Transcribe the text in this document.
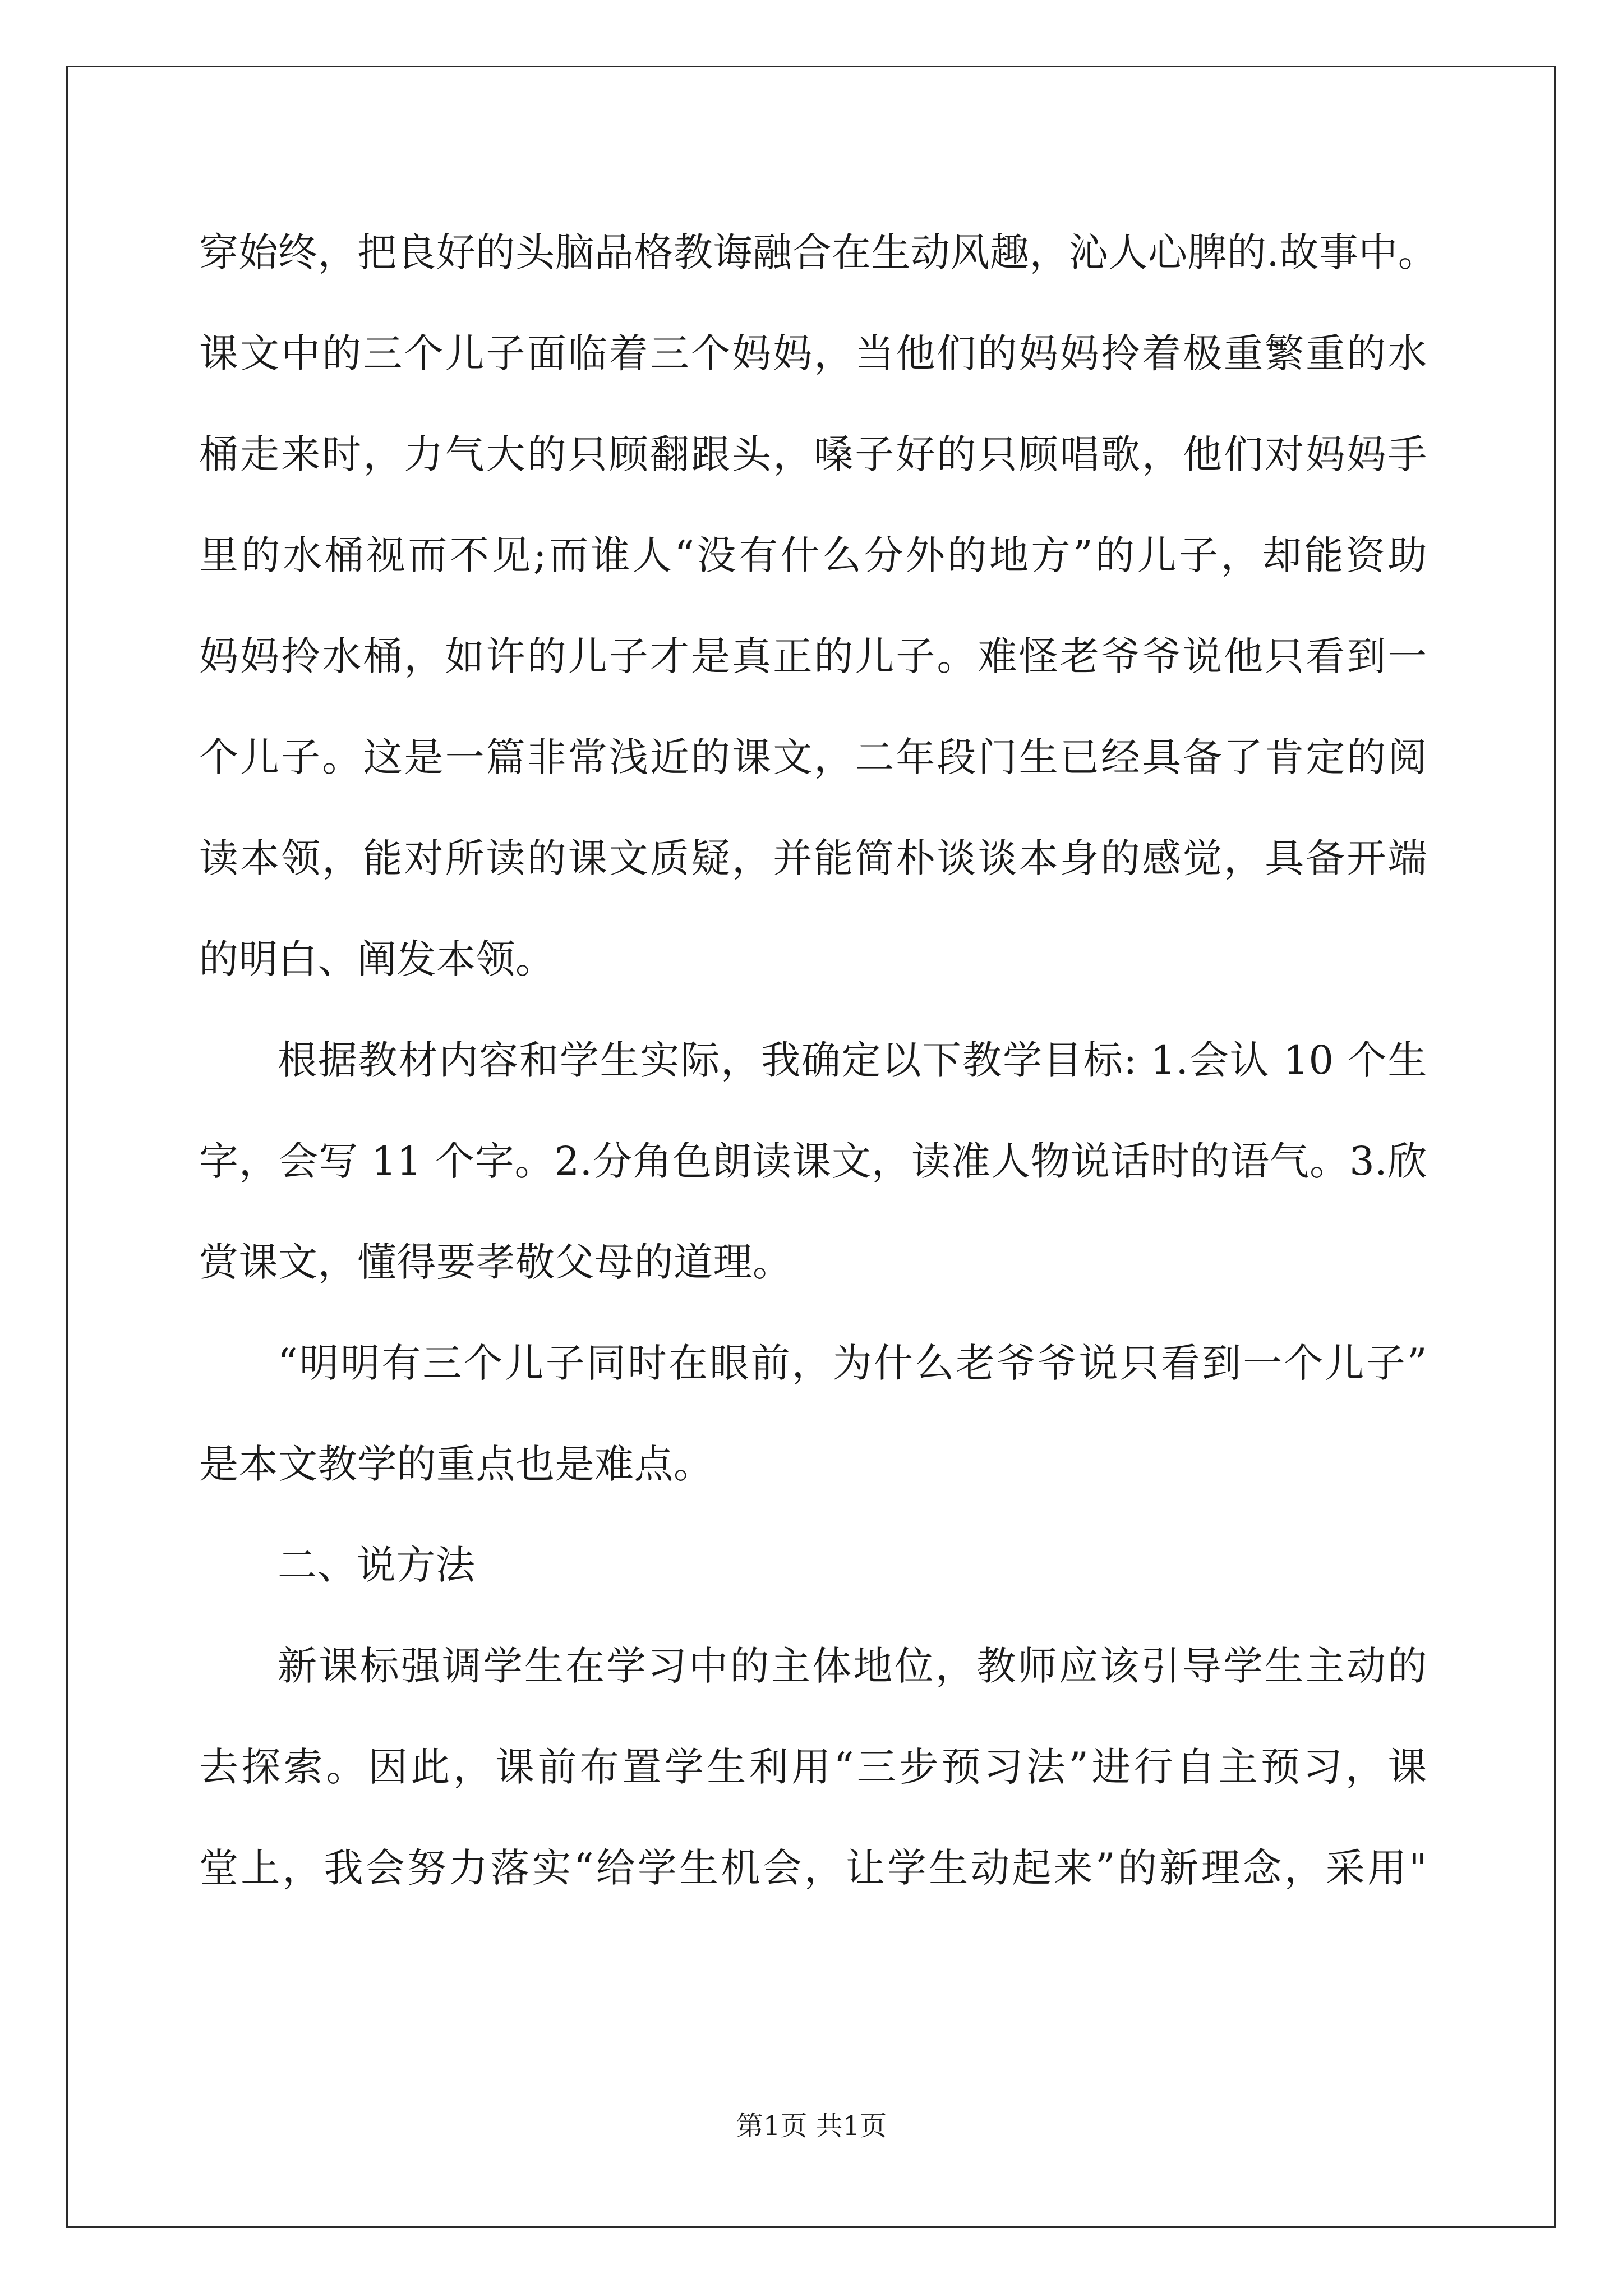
穿始终，把良好的头脑品格教诲融合在生动风趣，沁人心脾的.故事中。
课文中的三个儿子面临着三个妈妈，当他们的妈妈拎着极重繁重的水
桶走来时，力气大的只顾翻跟头，嗓子好的只顾唱歌，他们对妈妈手
里的水桶视而不见;而谁人“没有什么分外的地方”的儿子，却能资助
妈妈拎水桶，如许的儿子才是真正的儿子。难怪老爷爷说他只看到一
个儿子。这是一篇非常浅近的课文，二年段门生已经具备了肯定的阅
读本领，能对所读的课文质疑，并能简朴谈谈本身的感觉，具备开端
的明白、阐发本领。
根据教材内容和学生实际，我确定以下教学目标: 1.会认 10 个生
字，会写 11 个字。2.分角色朗读课文，读准人物说话时的语气。3.欣
赏课文，懂得要孝敬父母的道理。
“明明有三个儿子同时在眼前，为什么老爷爷说只看到一个儿子”
是本文教学的重点也是难点。
二、说方法
新课标强调学生在学习中的主体地位，教师应该引导学生主动的
去探索。因此，课前布置学生利用“三步预习法”进行自主预习，课
堂上，我会努力落实“给学生机会，让学生动起来”的新理念，采用"
第1页 共1页
